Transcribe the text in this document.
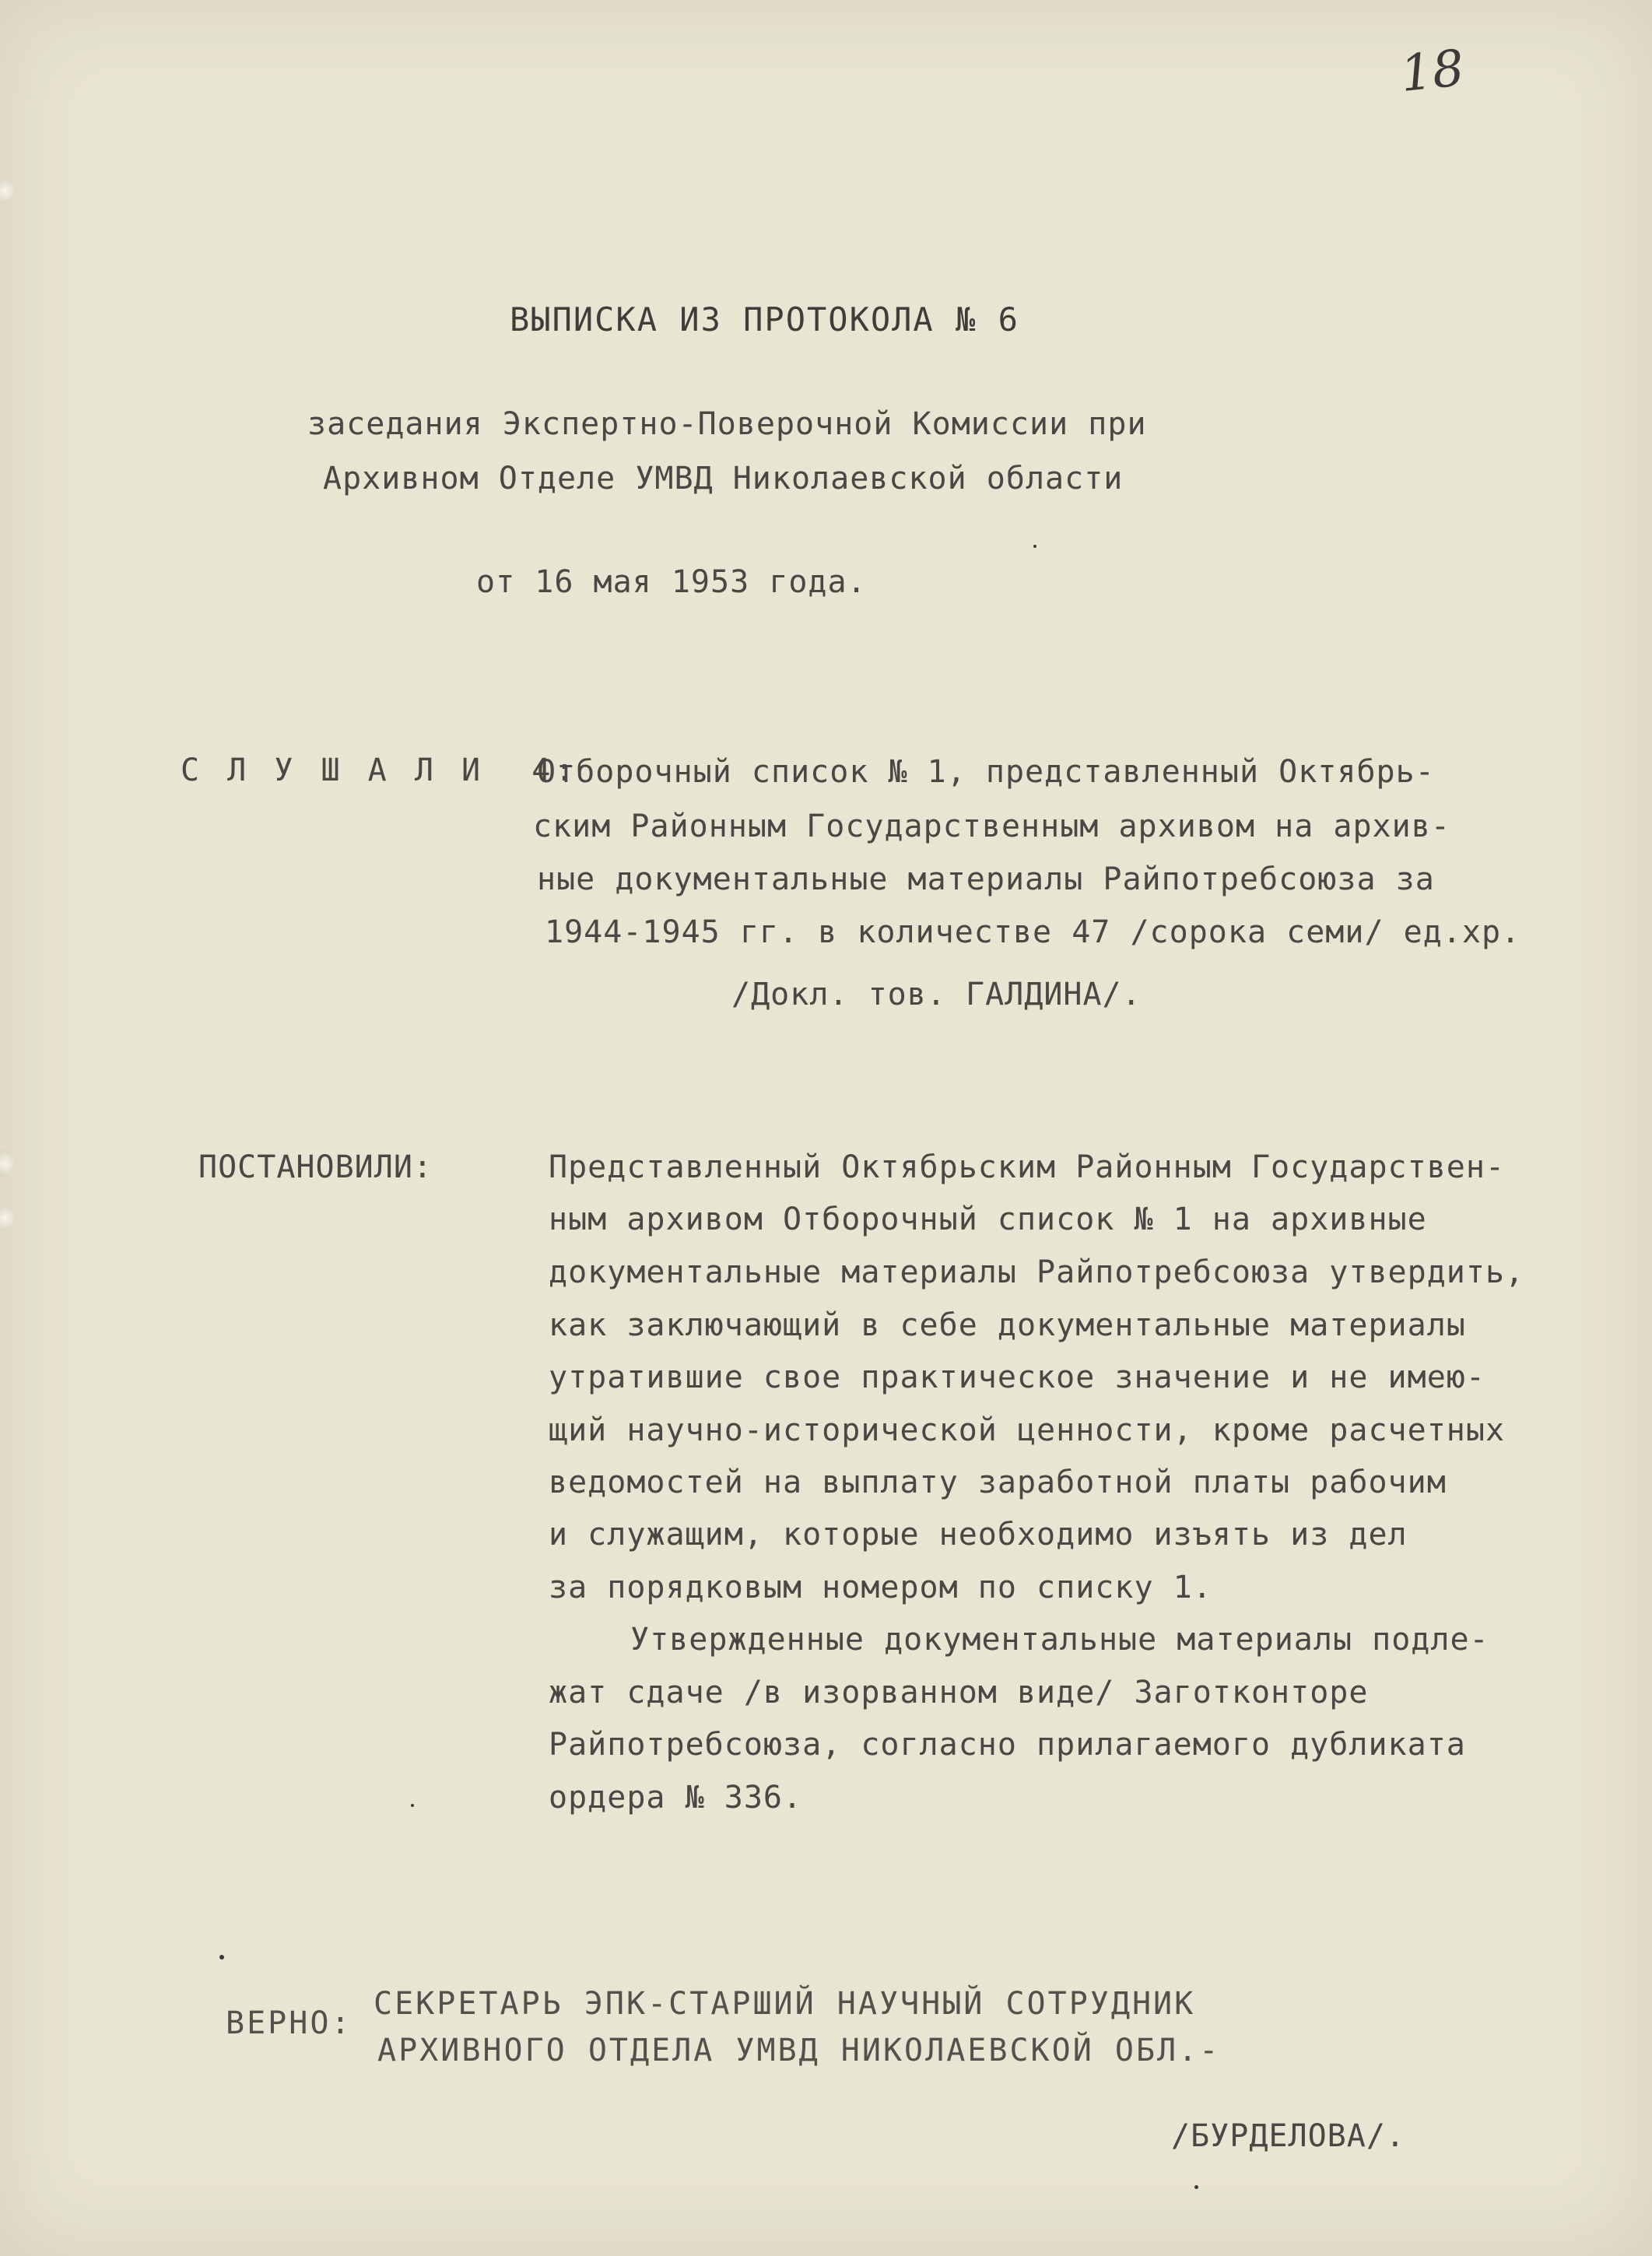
18
ВЫПИСКА ИЗ ПРОТОКОЛА № 6
заседания Экспертно-Поверочной Комиссии при
Архивном Отделе УМВД Николаевской области
от 16 мая 1953 года.
С Л У Ш А Л И  4:
Отборочный список № 1, представленный Октябрь-
ским Районным Государственным архивом на архив-
ные документальные материалы Райпотребсоюза за
1944-1945 гг. в количестве 47 /сорока семи/ ед.хр.
/Докл. тов. ГАЛДИНА/.
ПОСТАНОВИЛИ:	Представленный Октябрьским Районным Государствен-
ным архивом Отборочный список № 1 на архивные
документальные материалы Райпотребсоюза утвердить,
как заключающий в себе документальные материалы
утратившие свое практическое значение и не имею-
щий научно-исторической ценности, кроме расчетных
ведомостей на выплату заработной платы рабочим
и служащим, которые необходимо изъять из дел
за порядковым номером по списку 1.
Утвержденные документальные материалы подле-
жат сдаче /в изорванном виде/ Заготконторе
Райпотребсоюза, согласно прилагаемого дубликата
ордера № 336.
ВЕРНО:
СЕКРЕТАРЬ ЭПК-СТАРШИЙ НАУЧНЫЙ СОТРУДНИК
АРХИВНОГО ОТДЕЛА УМВД НИКОЛАЕВСКОЙ ОБЛ.-
/БУРДЕЛОВА/.
